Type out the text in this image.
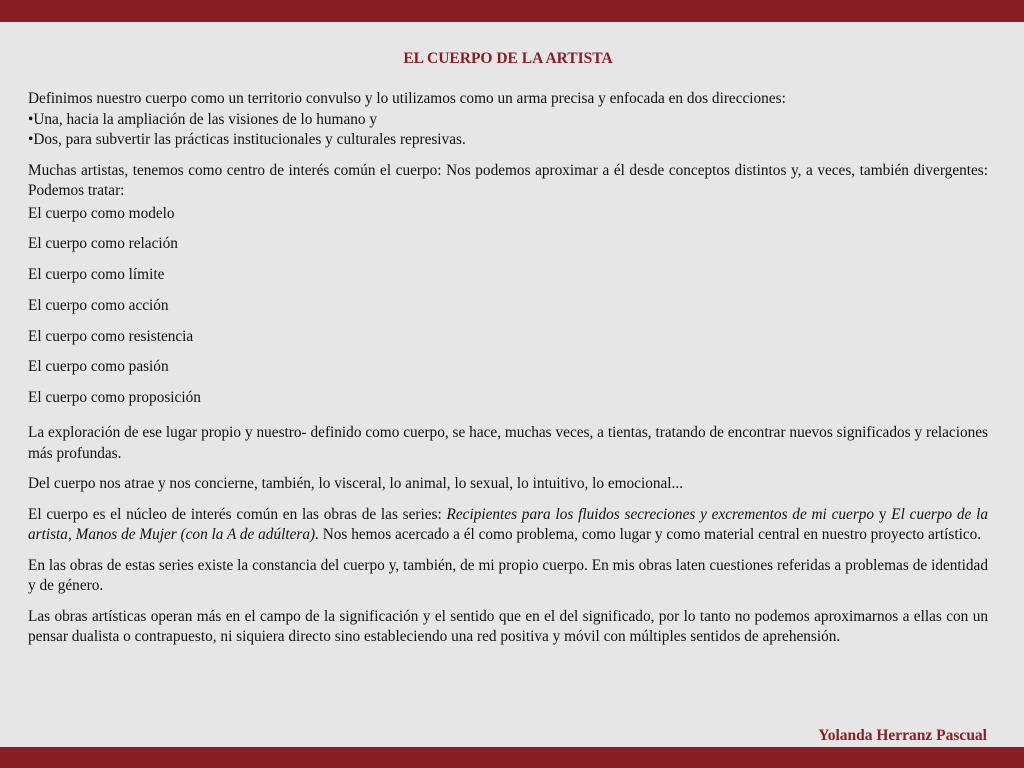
EL CUERPO DE LA ARTISTA
Definimos nuestro cuerpo como un territorio convulso y lo utilizamos como un arma precisa y enfocada en dos direcciones:
•Una, hacia la ampliación de las visiones de lo humano y
•Dos, para subvertir las prácticas institucionales y culturales represivas.

Muchas artistas, tenemos como centro de interés común el cuerpo: Nos podemos aproximar a él desde conceptos distintos y, a veces, también divergentes: Podemos tratar:

El cuerpo como modelo
El cuerpo como relación
El cuerpo como límite
El cuerpo como acción
El cuerpo como resistencia
El cuerpo como pasión
El cuerpo como proposición

La exploración de ese lugar propio y nuestro- definido como cuerpo, se hace, muchas veces, a tientas, tratando de encontrar nuevos significados y relaciones más profundas.

Del cuerpo nos atrae y nos concierne, también, lo visceral, lo animal, lo sexual, lo intuitivo, lo emocional...

El cuerpo es el núcleo de interés común en las obras de las series: Recipientes para los fluidos secreciones y excrementos de mi cuerpo y El cuerpo de la artista, Manos de Mujer (con la A de adúltera). Nos hemos acercado a él como problema, como lugar y como material central en nuestro proyecto artístico.

En las obras de estas series existe la constancia del cuerpo y, también, de mi propio cuerpo. En mis obras laten cuestiones referidas a problemas de identidad y de género.

Las obras artísticas operan más en el campo de la significación y el sentido que en el del significado, por lo tanto no podemos aproximarnos a ellas con un pensar dualista o contrapuesto, ni siquiera directo sino estableciendo una red positiva y móvil con múltiples sentidos de aprehensión.

Yolanda Herranz Pascual
